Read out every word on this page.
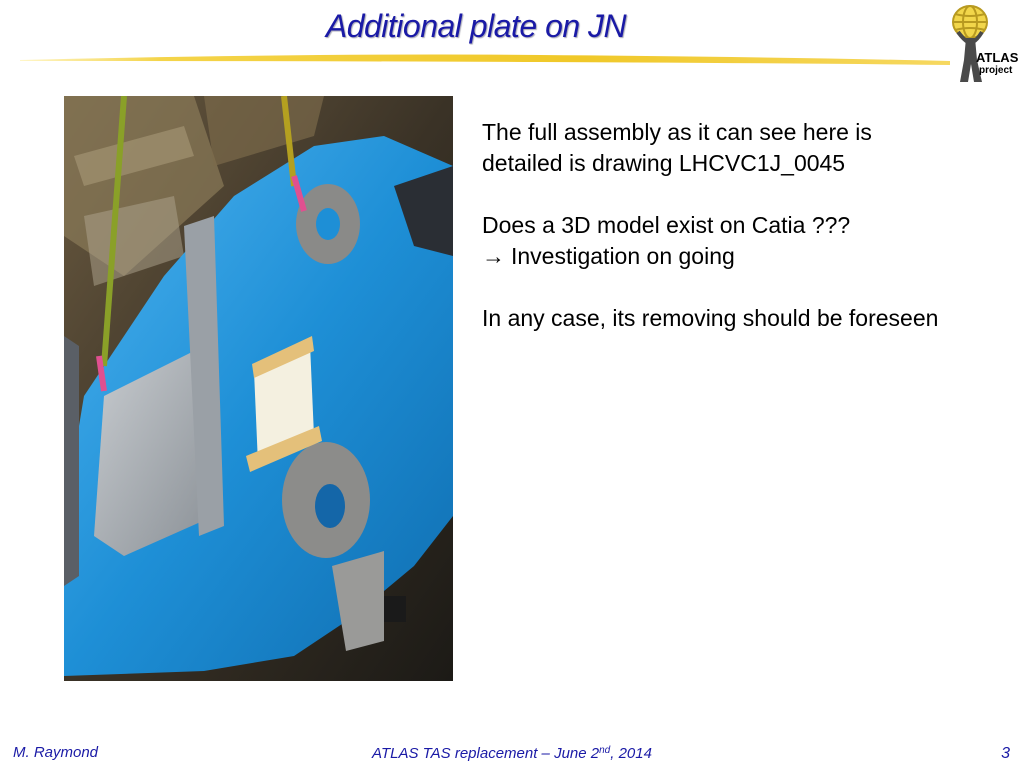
Additional plate on JN
ATLAS
project

The full assembly as it can see here is

detailed is drawing LHCVC1J_0045

Does a 3D model exist on Catia ???

→ Investigation on going

In any case, its removing should be foreseen

M. Raymond	ATLAS TAS replacement – June 2nd, 2014	3
